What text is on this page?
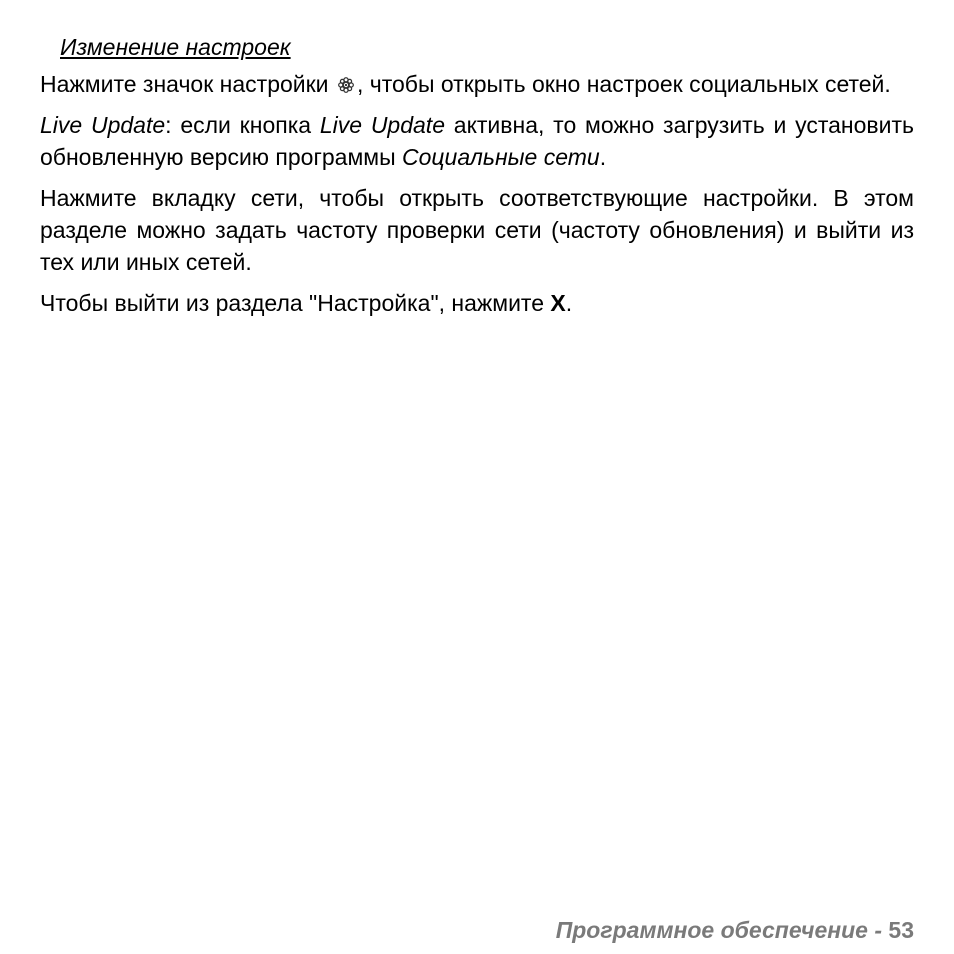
Изменение настроек

Нажмите значок настройки , чтобы открыть окно настроек социальных сетей.

Live Update: если кнопка Live Update активна, то можно загрузить и установить обновленную версию программы Социальные сети.

Нажмите вкладку сети, чтобы открыть соответствующие настройки. В этом разделе можно задать частоту проверки сети (частоту обновления) и выйти из тех или иных сетей.

Чтобы выйти из раздела "Настройка", нажмите X.

Программное обеспечение - 53
